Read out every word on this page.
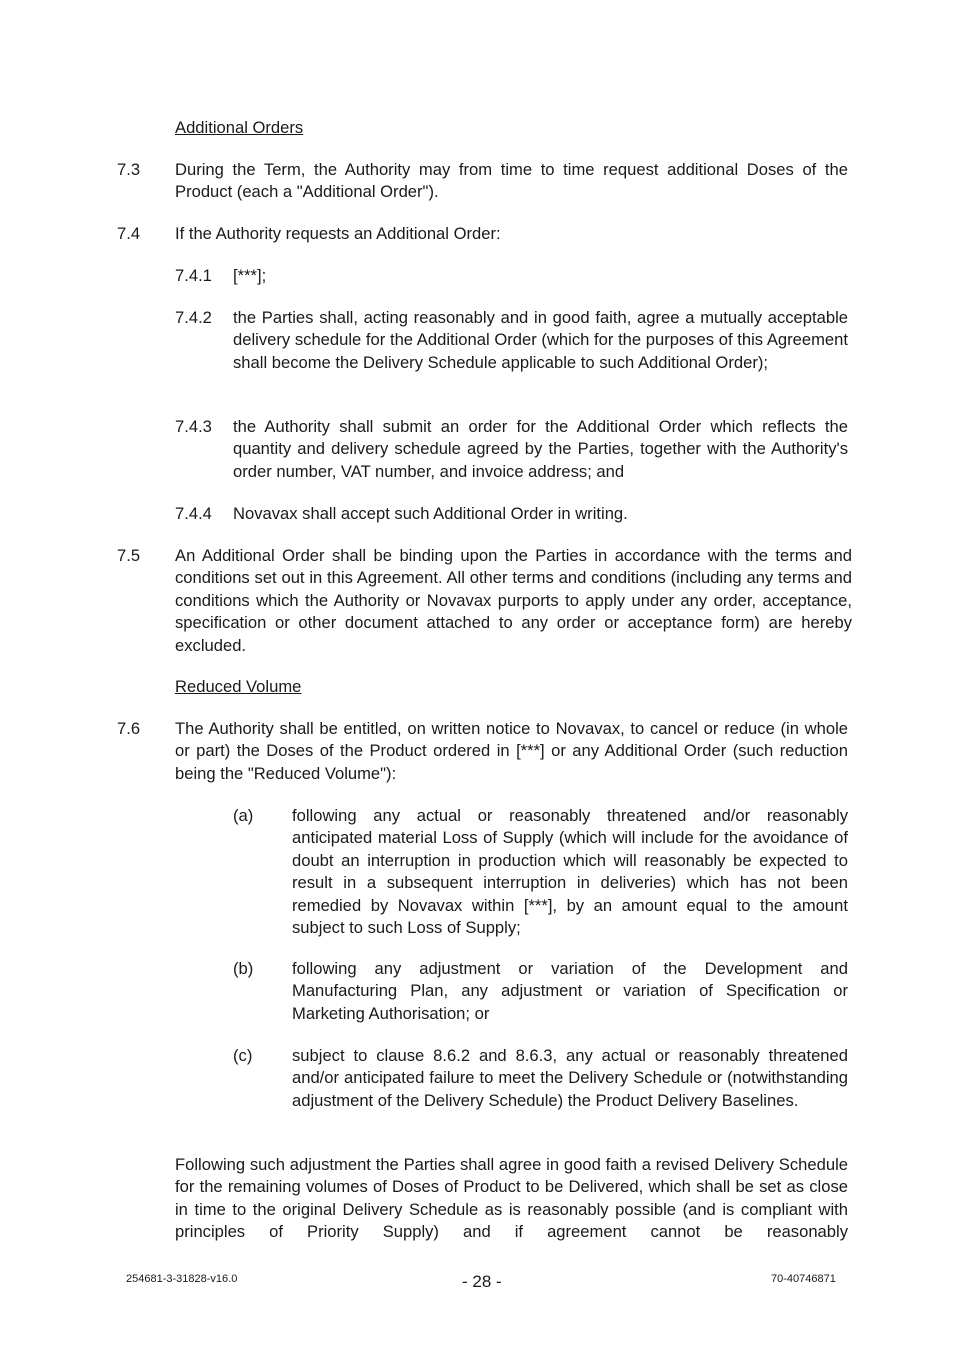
Additional Orders

7.3 During the Term, the Authority may from time to time request additional Doses of the Product (each a "Additional Order").

7.4 If the Authority requests an Additional Order:

7.4.1 [***];

7.4.2 the Parties shall, acting reasonably and in good faith, agree a mutually acceptable delivery schedule for the Additional Order (which for the purposes of this Agreement shall become the Delivery Schedule applicable to such Additional Order);

7.4.3 the Authority shall submit an order for the Additional Order which reflects the quantity and delivery schedule agreed by the Parties, together with the Authority's order number, VAT number, and invoice address; and

7.4.4 Novavax shall accept such Additional Order in writing.

7.5 An Additional Order shall be binding upon the Parties in accordance with the terms and conditions set out in this Agreement. All other terms and conditions (including any terms and conditions which the Authority or Novavax purports to apply under any order, acceptance, specification or other document attached to any order or acceptance form) are hereby excluded.

Reduced Volume

7.6 The Authority shall be entitled, on written notice to Novavax, to cancel or reduce (in whole or part) the Doses of the Product ordered in [***] or any Additional Order (such reduction being the "Reduced Volume"):

(a) following any actual or reasonably threatened and/or reasonably anticipated material Loss of Supply (which will include for the avoidance of doubt an interruption in production which will reasonably be expected to result in a subsequent interruption in deliveries) which has not been remedied by Novavax within [***], by an amount equal to the amount subject to such Loss of Supply;

(b) following any adjustment or variation of the Development and Manufacturing Plan, any adjustment or variation of Specification or Marketing Authorisation; or

(c) subject to clause 8.6.2 and 8.6.3, any actual or reasonably threatened and/or anticipated failure to meet the Delivery Schedule or (notwithstanding adjustment of the Delivery Schedule) the Product Delivery Baselines.

Following such adjustment the Parties shall agree in good faith a revised Delivery Schedule for the remaining volumes of Doses of Product to be Delivered, which shall be set as close in time to the original Delivery Schedule as is reasonably possible (and is compliant with principles of Priority Supply) and if agreement cannot be reasonably

254681-3-31828-v16.0	- 28 -	70-40746871
